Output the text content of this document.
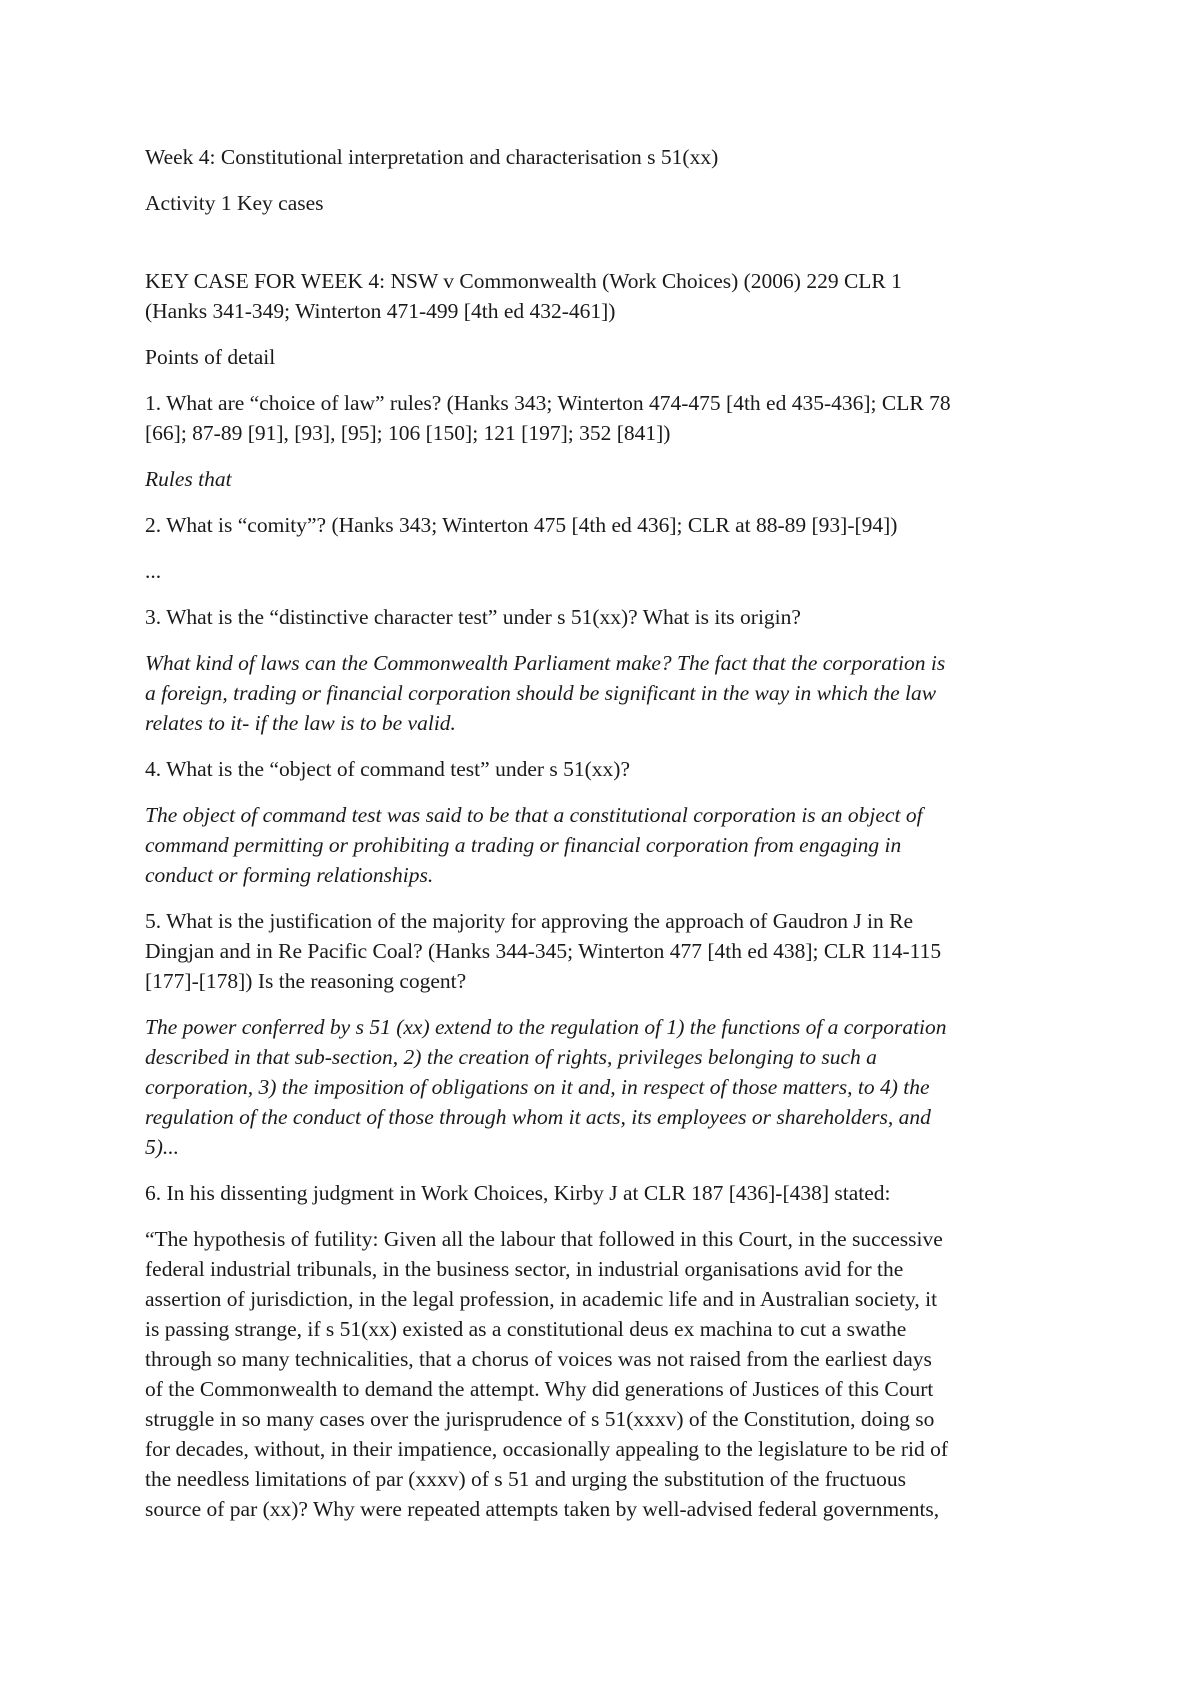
Week 4: Constitutional interpretation and characterisation s 51(xx)

Activity 1 Key cases

KEY CASE FOR WEEK 4: NSW v Commonwealth (Work Choices) (2006) 229 CLR 1
(Hanks 341-349; Winterton 471-499 [4th ed 432-461])

Points of detail

1. What are “choice of law” rules? (Hanks 343; Winterton 474-475 [4th ed 435-436]; CLR 78
[66]; 87-89 [91], [93], [95]; 106 [150]; 121 [197]; 352 [841])

Rules that

2. What is “comity”? (Hanks 343; Winterton 475 [4th ed 436]; CLR at 88-89 [93]-[94])

...

3. What is the “distinctive character test” under s 51(xx)? What is its origin?

What kind of laws can the Commonwealth Parliament make? The fact that the corporation is
a foreign, trading or financial corporation should be significant in the way in which the law
relates to it- if the law is to be valid.

4. What is the “object of command test” under s 51(xx)?

The object of command test was said to be that a constitutional corporation is an object of
command permitting or prohibiting a trading or financial corporation from engaging in
conduct or forming relationships.

5. What is the justification of the majority for approving the approach of Gaudron J in Re
Dingjan and in Re Pacific Coal? (Hanks 344-345; Winterton 477 [4th ed 438]; CLR 114-115
[177]-[178]) Is the reasoning cogent?

The power conferred by s 51 (xx) extend to the regulation of 1) the functions of a corporation
described in that sub-section, 2) the creation of rights, privileges belonging to such a
corporation, 3) the imposition of obligations on it and, in respect of those matters, to 4) the
regulation of the conduct of those through whom it acts, its employees or shareholders, and
5)...

6. In his dissenting judgment in Work Choices, Kirby J at CLR 187 [436]-[438] stated:

“The hypothesis of futility: Given all the labour that followed in this Court, in the successive
federal industrial tribunals, in the business sector, in industrial organisations avid for the
assertion of jurisdiction, in the legal profession, in academic life and in Australian society, it
is passing strange, if s 51(xx) existed as a constitutional deus ex machina to cut a swathe
through so many technicalities, that a chorus of voices was not raised from the earliest days
of the Commonwealth to demand the attempt. Why did generations of Justices of this Court
struggle in so many cases over the jurisprudence of s 51(xxxv) of the Constitution, doing so
for decades, without, in their impatience, occasionally appealing to the legislature to be rid of
the needless limitations of par (xxxv) of s 51 and urging the substitution of the fructuous
source of par (xx)? Why were repeated attempts taken by well-advised federal governments,
